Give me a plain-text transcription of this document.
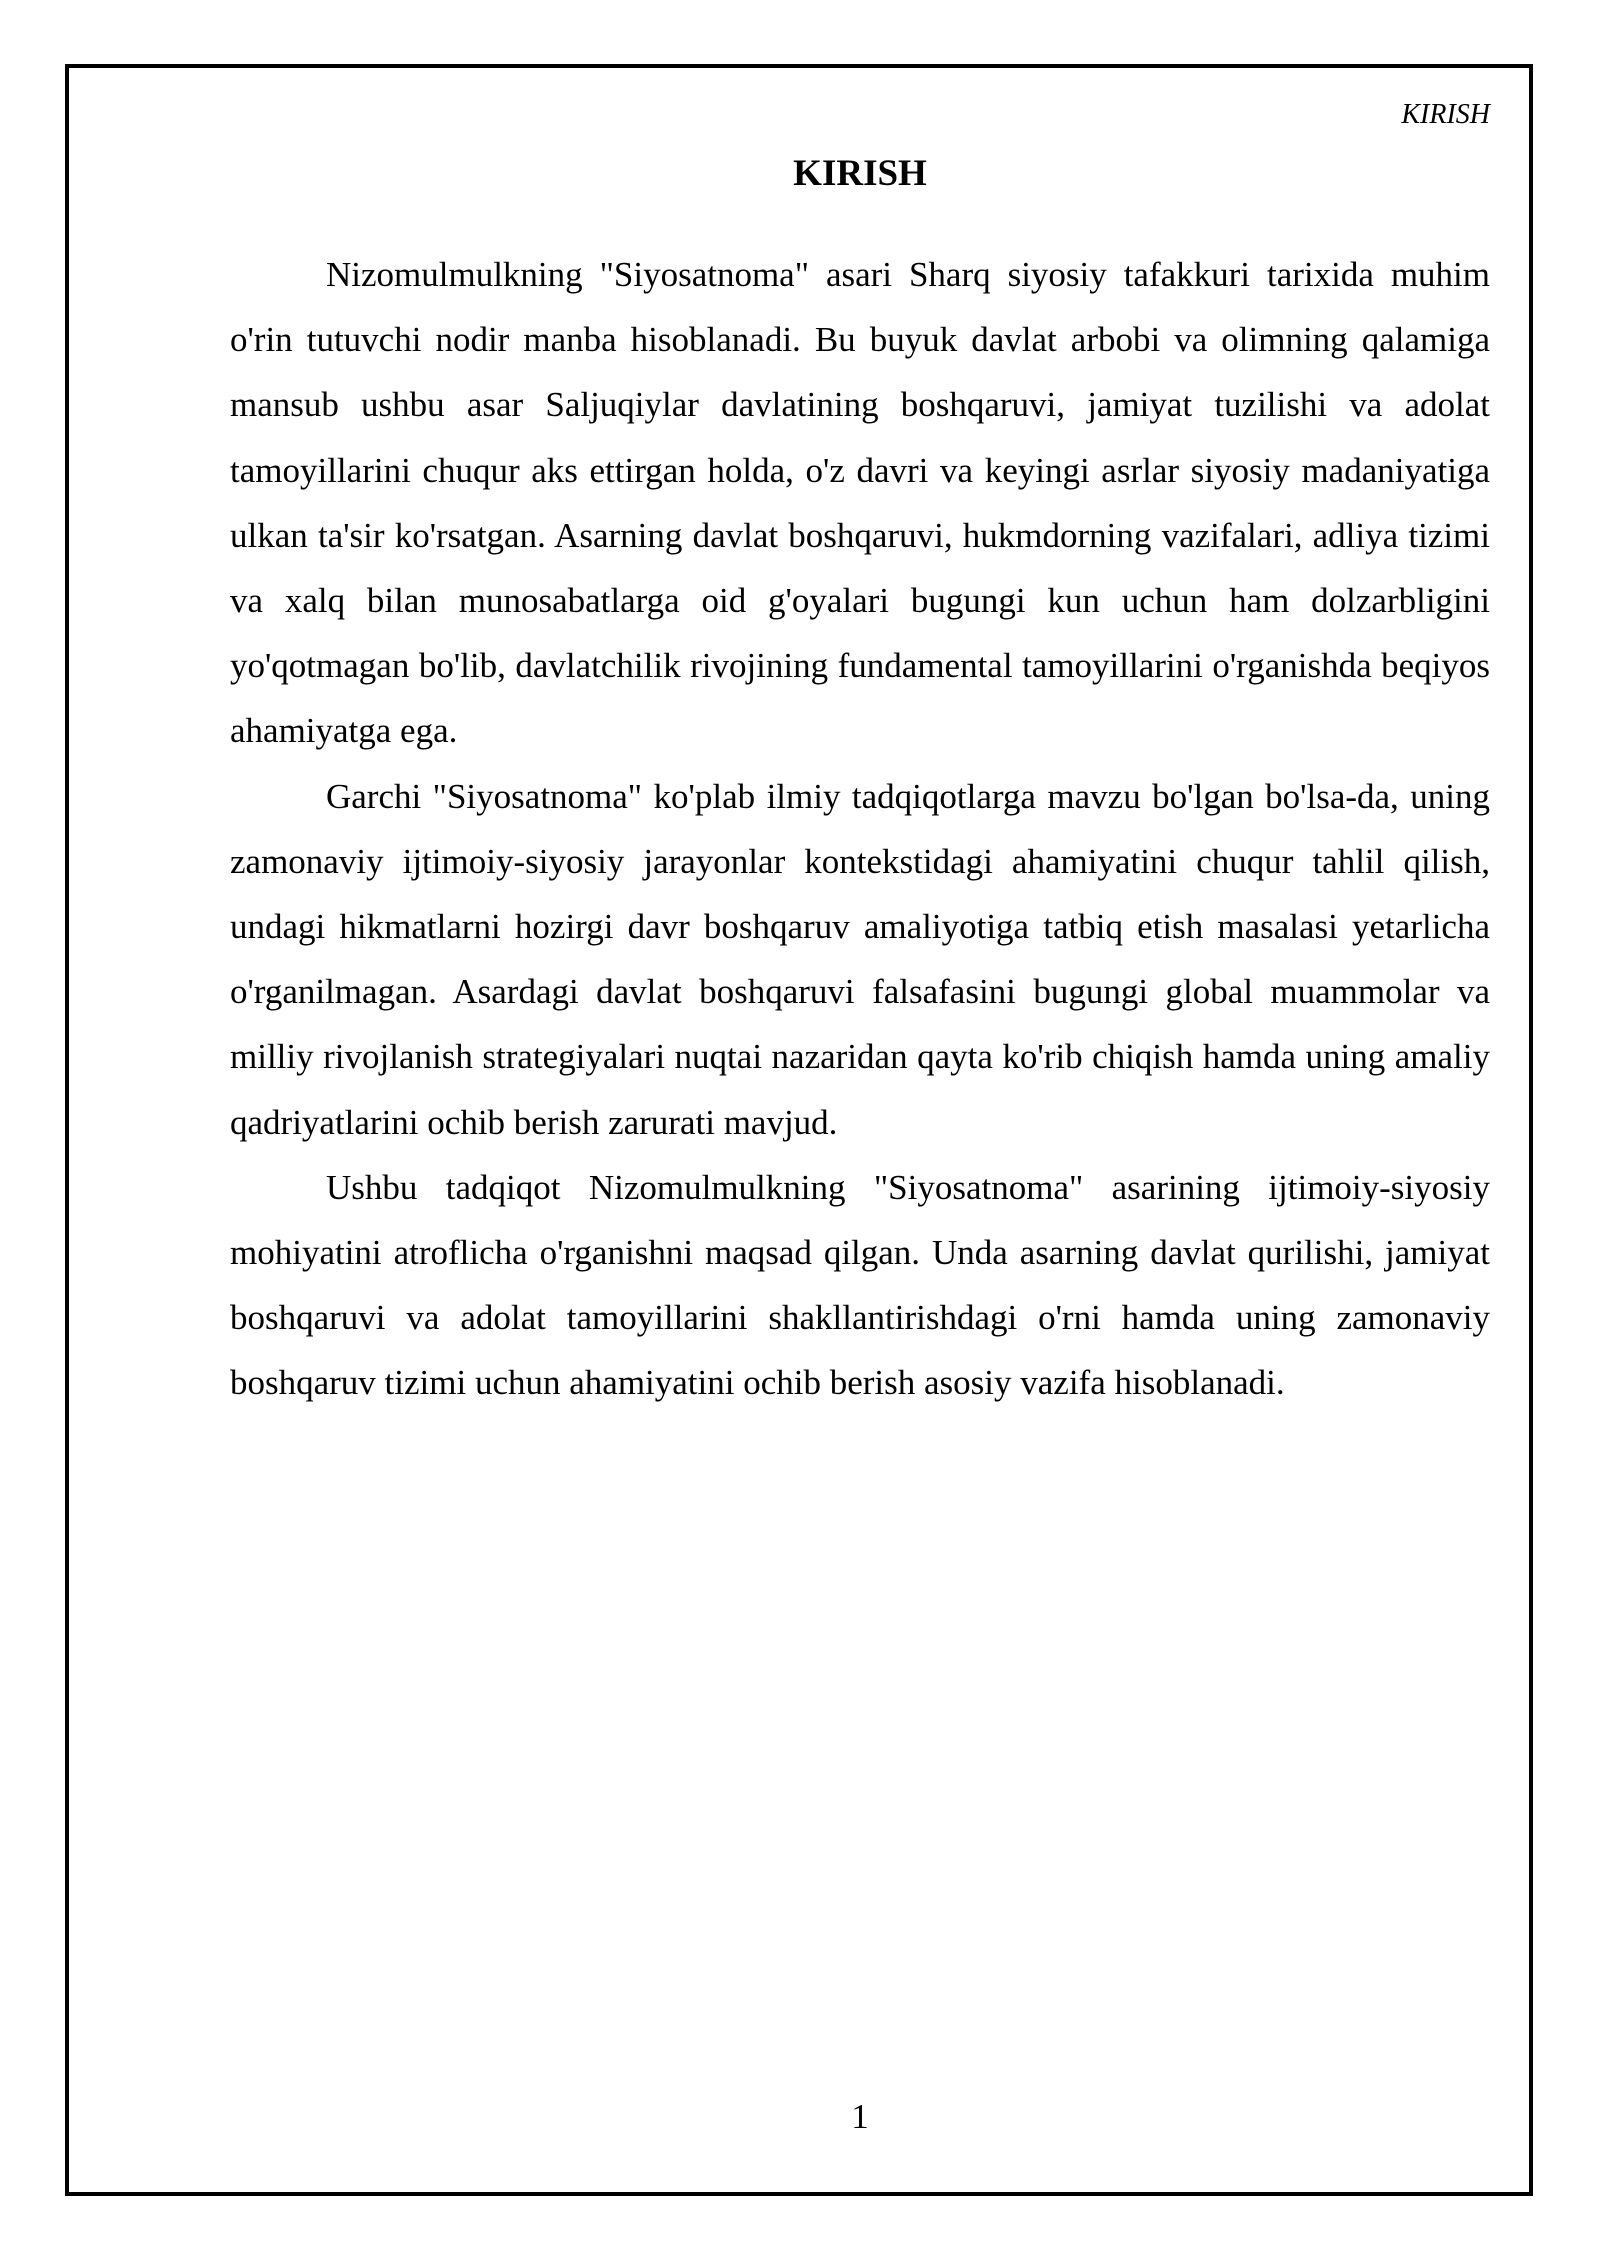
KIRISH
KIRISH

Nizomulmulkning "Siyosatnoma" asari Sharq siyosiy tafakkuri tarixida muhim o'rin tutuvchi nodir manba hisoblanadi. Bu buyuk davlat arbobi va olimning qalamiga mansub ushbu asar Saljuqiylar davlatining boshqaruvi, jamiyat tuzilishi va adolat tamoyillarini chuqur aks ettirgan holda, o'z davri va keyingi asrlar siyosiy madaniyatiga ulkan ta'sir ko'rsatgan. Asarning davlat boshqaruvi, hukmdorning vazifalari, adliya tizimi va xalq bilan munosabatlarga oid g'oyalari bugungi kun uchun ham dolzarbligini yo'qotmagan bo'lib, davlatchilik rivojining fundamental tamoyillarini o'rganishda beqiyos ahamiyatga ega.

Garchi "Siyosatnoma" ko'plab ilmiy tadqiqotlarga mavzu bo'lgan bo'lsa-da, uning zamonaviy ijtimoiy-siyosiy jarayonlar kontekstidagi ahamiyatini chuqur tahlil qilish, undagi hikmatlarni hozirgi davr boshqaruv amaliyotiga tatbiq etish masalasi yetarlicha o'rganilmagan. Asardagi davlat boshqaruvi falsafasini bugungi global muammolar va milliy rivojlanish strategiyalari nuqtai nazaridan qayta ko'rib chiqish hamda uning amaliy qadriyatlarini ochib berish zarurati mavjud.

Ushbu tadqiqot Nizomulmulkning "Siyosatnoma" asarining ijtimoiy-siyosiy mohiyatini atroflicha o'rganishni maqsad qilgan. Unda asarning davlat qurilishi, jamiyat boshqaruvi va adolat tamoyillarini shakllantirishdagi o'rni hamda uning zamonaviy boshqaruv tizimi uchun ahamiyatini ochib berish asosiy vazifa hisoblanadi.

1
